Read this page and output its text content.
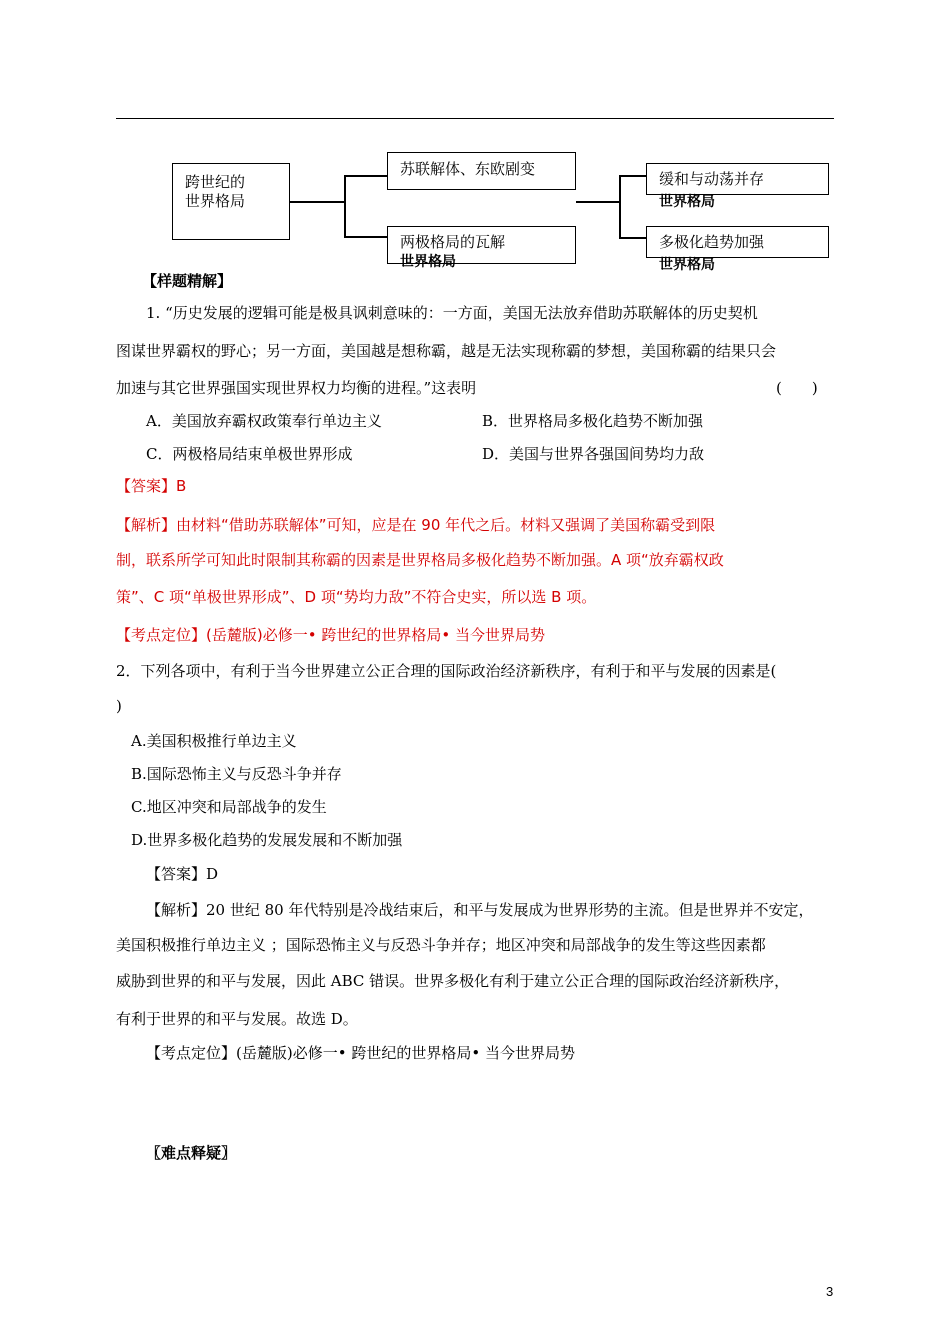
跨世纪的
世界格局
苏联解体、东欧剧变
两极格局的瓦解
世界格局
缓和与动荡并存
世界格局
多极化趋势加强
世界格局
【样题精解】
1. “历史发展的逻辑可能是极具讽刺意味的：一方面，美国无法放弃借助苏联解体的历史契机
图谋世界霸权的野心；另一方面，美国越是想称霸，越是无法实现称霸的梦想，美国称霸的结果只会
加速与其它世界强国实现世界权力均衡的进程。”这表明	(　　)
A．美国放弃霸权政策奉行单边主义	B．世界格局多极化趋势不断加强
C．两极格局结束单极世界形成	D．美国与世界各强国间势均力敌
【答案】B
【解析】由材料“借助苏联解体”可知，应是在 90 年代之后。材料又强调了美国称霸受到限
制，联系所学可知此时限制其称霸的因素是世界格局多极化趋势不断加强。A 项“放弃霸权政
策”、C 项“单极世界形成”、D 项“势均力敌”不符合史实，所以选 B 项。
【考点定位】(岳麓版)必修一• 跨世纪的世界格局• 当今世界局势
2．下列各项中，有利于当今世界建立公正合理的国际政治经济新秩序，有利于和平与发展的因素是(
)
A.美国积极推行单边主义
B.国际恐怖主义与反恐斗争并存
C.地区冲突和局部战争的发生
D.世界多极化趋势的发展发展和不断加强
【答案】D
【解析】20 世纪 80 年代特别是冷战结束后，和平与发展成为世界形势的主流。但是世界并不安定，
美国积极推行单边主义 ；国际恐怖主义与反恐斗争并存；地区冲突和局部战争的发生等这些因素都
威胁到世界的和平与发展，因此 ABC 错误。世界多极化有利于建立公正合理的国际政治经济新秩序，
有利于世界的和平与发展。故选 D。
【考点定位】(岳麓版)必修一• 跨世纪的世界格局• 当今世界局势
〖难点释疑〗
3
